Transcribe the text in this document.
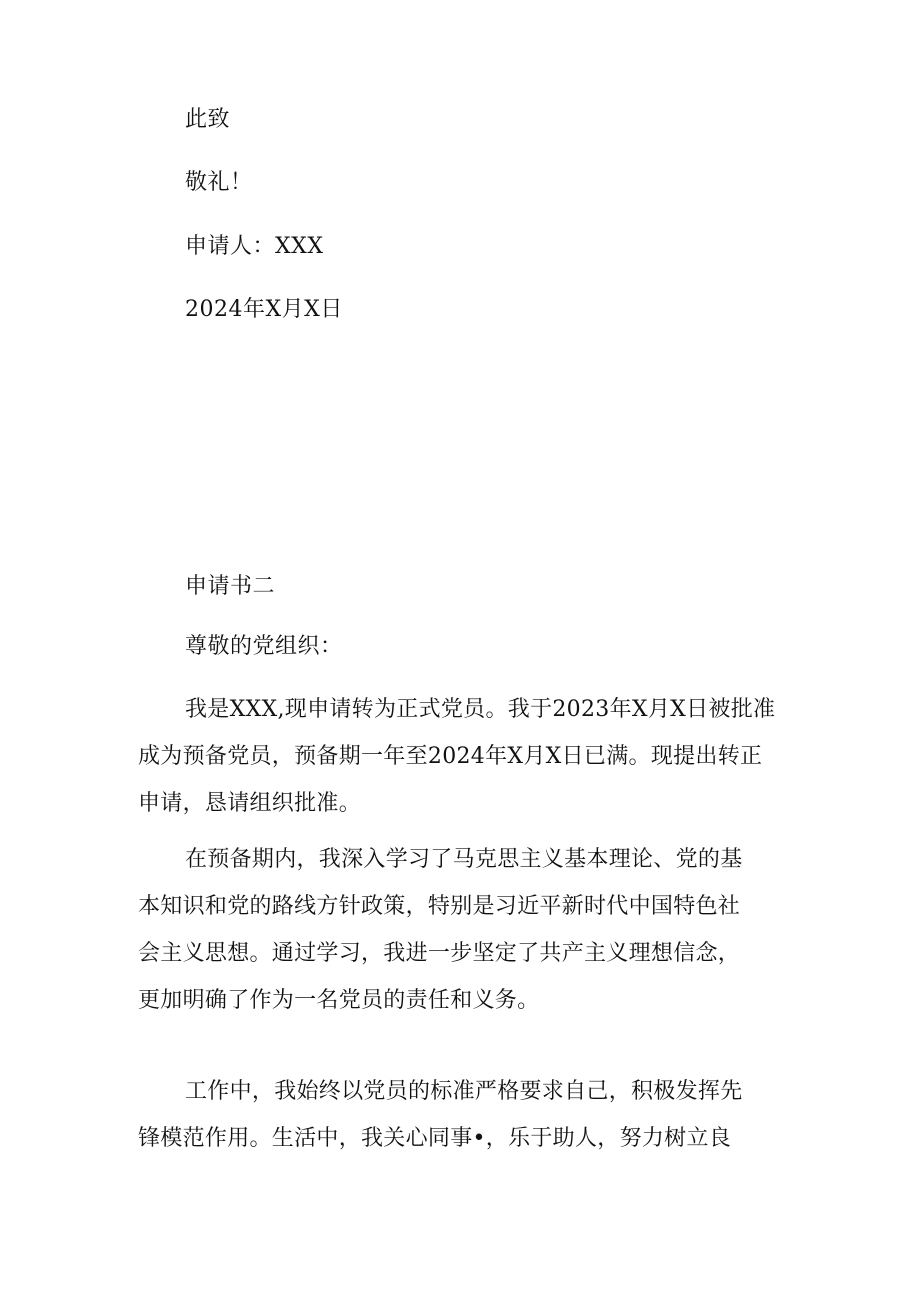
此致

敬礼！

申请人：XXX

2024年X月X日

申请书二

尊敬的党组织：

我是XXX,现申请转为正式党员。我于2023年X月X日被批准
成为预备党员，预备期一年至2024年X月X日已满。现提出转正
申请，恳请组织批准。
在预备期内，我深入学习了马克思主义基本理论、党的基
本知识和党的路线方针政策，特别是习近平新时代中国特色社
会主义思想。通过学习，我进一步坚定了共产主义理想信念，
更加明确了作为一名党员的责任和义务。
工作中，我始终以党员的标准严格要求自己，积极发挥先
锋模范作用。生活中，我关心同事•，乐于助人，努力树立良
